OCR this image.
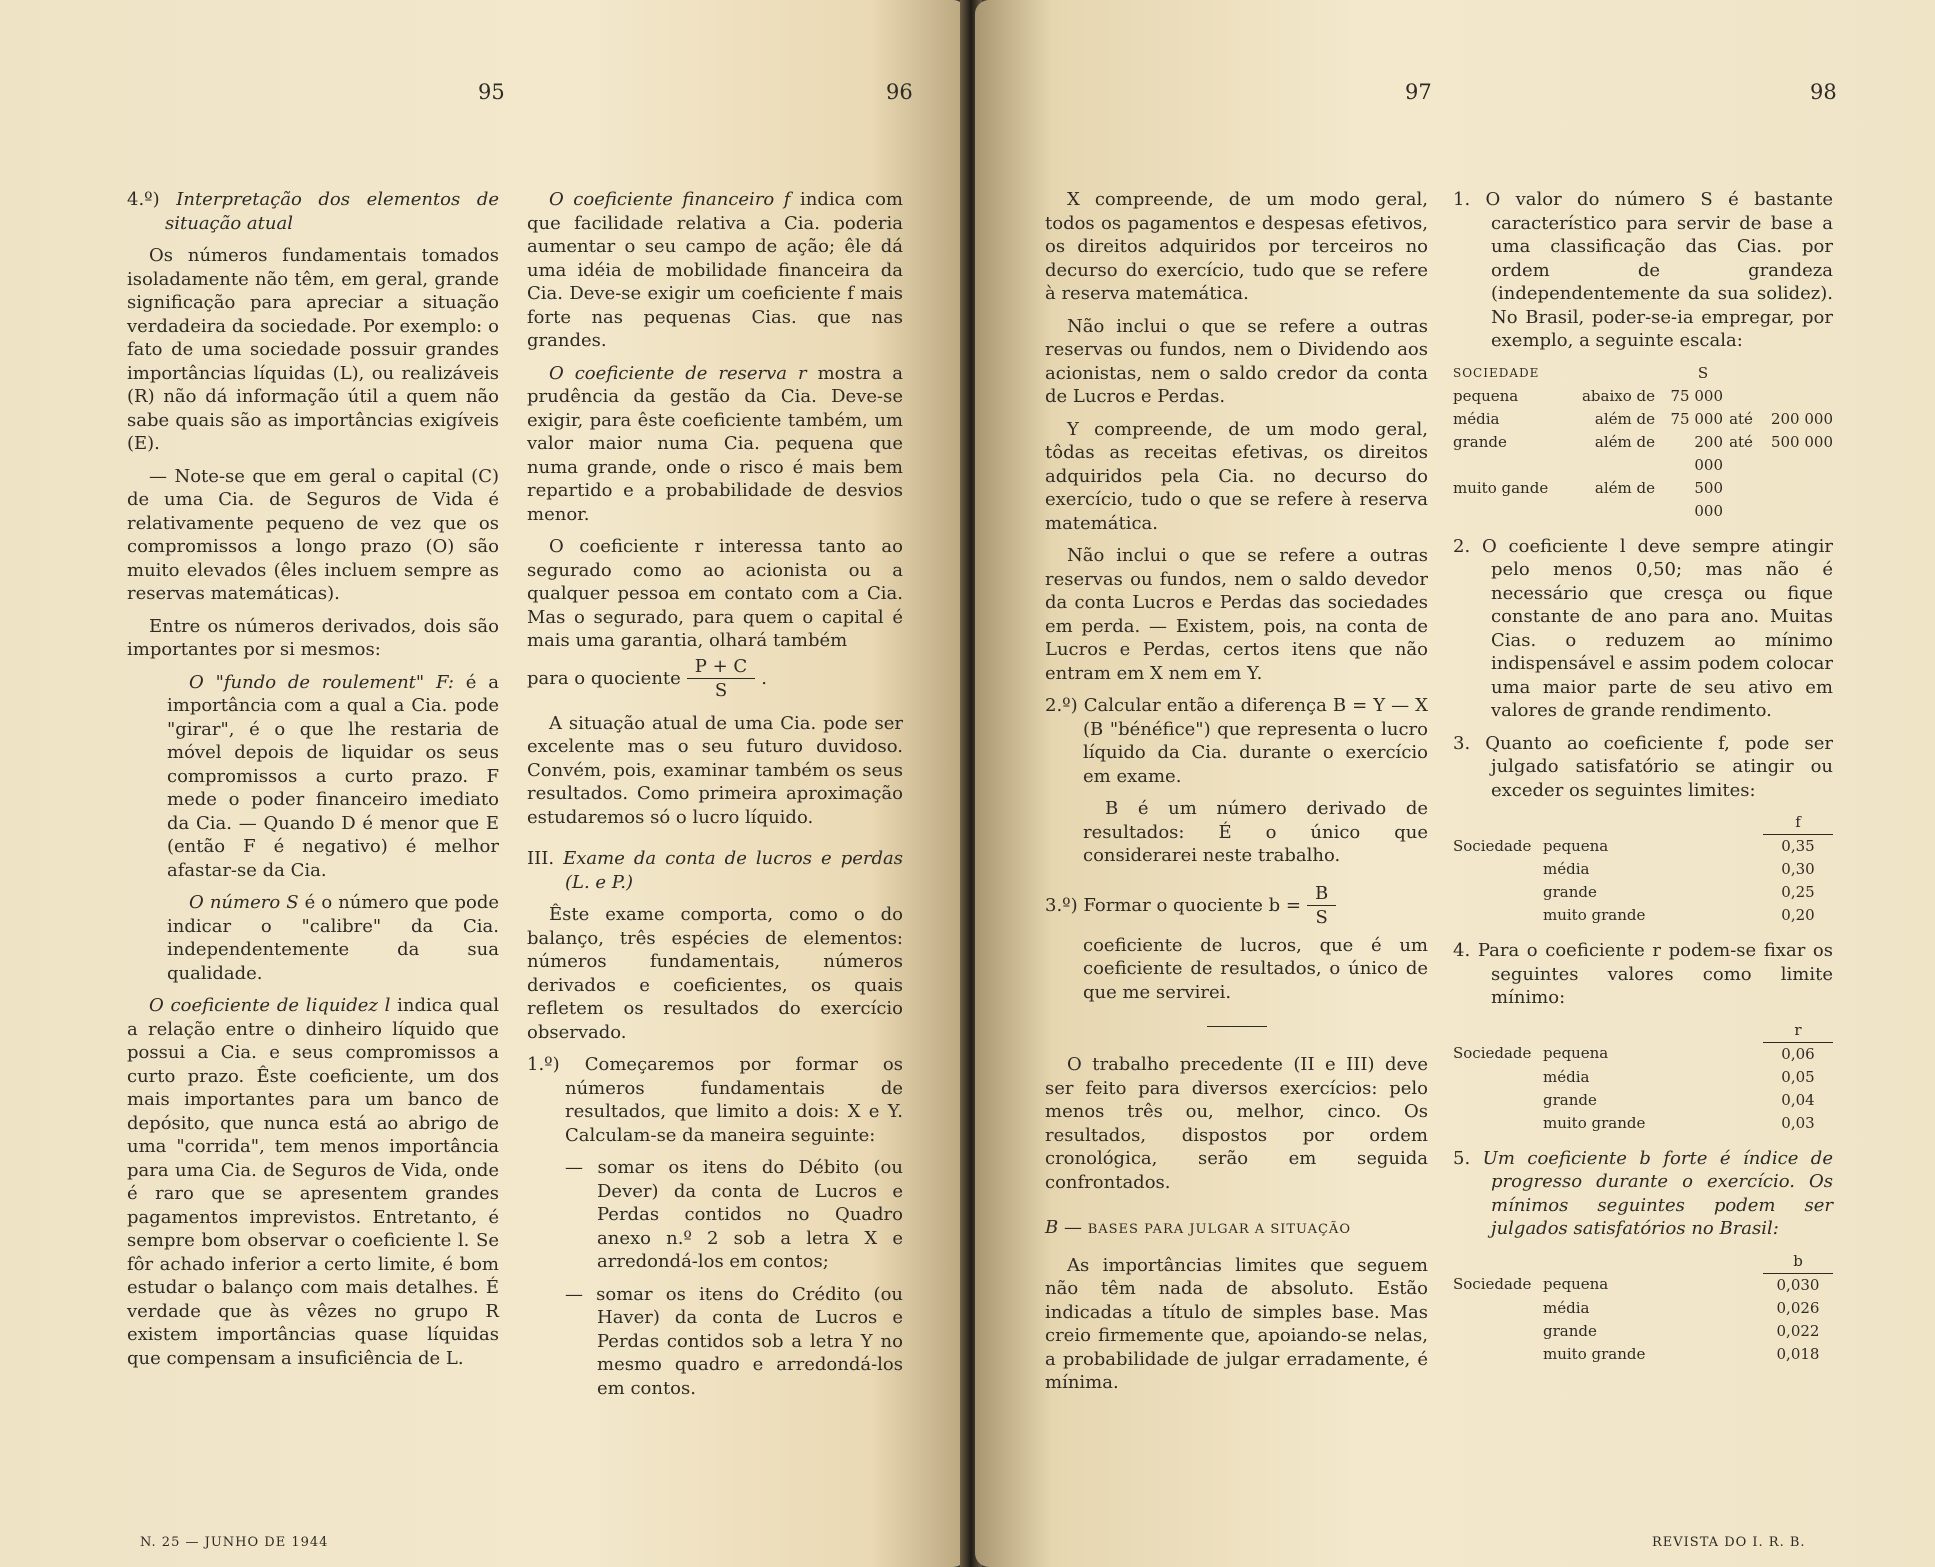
95	96

4.º) Interpretação dos elementos de situação atual

Os números fundamentais tomados isoladamente não têm, em geral, grande significação para apreciar a situação verdadeira da sociedade. Por exemplo: o fato de uma sociedade possuir grandes importâncias líquidas (L), ou realizáveis (R) não dá informação útil a quem não sabe quais são as importâncias exigíveis (E).

— Note-se que em geral o capital (C) de uma Cia. de Seguros de Vida é relativamente pequeno de vez que os compromissos a longo prazo (O) são muito elevados (êles incluem sempre as reservas matemáticas).

Entre os números derivados, dois são importantes por si mesmos:

O "fundo de roulement" F: é a importância com a qual a Cia. pode "girar", é o que lhe restaria de móvel depois de liquidar os seus compromissos a curto prazo. F mede o poder financeiro imediato da Cia. — Quando D é menor que E (então F é negativo) é melhor afastar-se da Cia.

O número S é o número que pode indicar o "calibre" da Cia. independentemente da sua qualidade.

O coeficiente de liquidez l indica qual a relação entre o dinheiro líquido que possui a Cia. e seus compromissos a curto prazo. Êste coeficiente, um dos mais importantes para um banco de depósito, que nunca está ao abrigo de uma "corrida", tem menos importância para uma Cia. de Seguros de Vida, onde é raro que se apresentem grandes pagamentos imprevistos. Entretanto, é sempre bom observar o coeficiente l. Se fôr achado inferior a certo limite, é bom estudar o balanço com mais detalhes. É verdade que às vêzes no grupo R existem importâncias quase líquidas que compensam a insuficiência de L.

O coeficiente financeiro f indica com que facilidade relativa a Cia. poderia aumentar o seu campo de ação; êle dá uma idéia de mobilidade financeira da Cia. Deve-se exigir um coeficiente f mais forte nas pequenas Cias. que nas grandes.

O coeficiente de reserva r mostra a prudência da gestão da Cia. Deve-se exigir, para êste coeficiente também, um valor maior numa Cia. pequena que numa grande, onde o risco é mais bem repartido e a probabilidade de desvios menor.

O coeficiente r interessa tanto ao segurado como ao acionista ou a qualquer pessoa em contato com a Cia. Mas o segurado, para quem o capital é mais uma garantia, olhará também

para o quociente $\frac{P + C}{S}$ .

A situação atual de uma Cia. pode ser excelente mas o seu futuro duvidoso. Convém, pois, examinar também os seus resultados. Como primeira aproximação estudaremos só o lucro líquido.

III. Exame da conta de lucros e perdas (L. e P.)

Êste exame comporta, como o do balanço, três espécies de elementos: números fundamentais, números derivados e coeficientes, os quais refletem os resultados do exercício observado.

1.º) Começaremos por formar os números fundamentais de resultados, que limito a dois: X e Y. Calculam-se da maneira seguinte:

— somar os itens do Débito (ou Dever) da conta de Lucros e Perdas contidos no Quadro anexo n.º 2 sob a letra X e arredondá-los em contos;

— somar os itens do Crédito (ou Haver) da conta de Lucros e Perdas contidos sob a letra Y no mesmo quadro e arredondá-los em contos.

N. 25 — JUNHO DE 1944
97	98

X compreende, de um modo geral, todos os pagamentos e despesas efetivos, os direitos adquiridos por terceiros no decurso do exercício, tudo que se refere à reserva matemática.

Não inclui o que se refere a outras reservas ou fundos, nem o Dividendo aos acionistas, nem o saldo credor da conta de Lucros e Perdas.

Y compreende, de um modo geral, tôdas as receitas efetivas, os direitos adquiridos pela Cia. no decurso do exercício, tudo o que se refere à reserva matemática.

Não inclui o que se refere a outras reservas ou fundos, nem o saldo devedor da conta Lucros e Perdas das sociedades em perda. — Existem, pois, na conta de Lucros e Perdas, certos itens que não entram em X nem em Y.

2.º) Calcular então a diferença B = Y — X (B "bénéfice") que representa o lucro líquido da Cia. durante o exercício em exame.

B é um número derivado de resultados: É o único que considerarei neste trabalho.

3.º) Formar o quociente $b = \frac{B}{S}$

coeficiente de lucros, que é um coeficiente de resultados, o único de que me servirei.

O trabalho precedente (II e III) deve ser feito para diversos exercícios: pelo menos três ou, melhor, cinco. Os resultados, dispostos por ordem cronológica, serão em seguida confrontados.

B — BASES PARA JULGAR A SITUAÇÃO

As importâncias limites que seguem não têm nada de absoluto. Estão indicadas a título de simples base. Mas creio firmemente que, apoiando-se nelas, a probabilidade de julgar erradamente, é mínima.

1. O valor do número S é bastante característico para servir de base a uma classificação das Cias. por ordem de grandeza (independentemente da sua solidez). No Brasil, poder-se-ia empregar, por exemplo, a seguinte escala:

SOCIEDADE	S			
pequena	abaixo de	75 000		
média	além de	75 000	até	200 000
grande	além de	200 000	até	500 000
muito gande	além de	500 000		

2. O coeficiente l deve sempre atingir pelo menos 0,50; mas não é necessário que cresça ou fique constante de ano para ano. Muitas Cias. o reduzem ao mínimo indispensável e assim podem colocar uma maior parte de seu ativo em valores de grande rendimento.

3. Quanto ao coeficiente f, pode ser julgado satisfatório se atingir ou exceder os seguintes limites:

		f
Sociedade	pequena	0,35
	média	0,30
	grande	0,25
	muito grande	0,20

4. Para o coeficiente r podem-se fixar os seguintes valores como limite mínimo:

		r
Sociedade	pequena	0,06
	média	0,05
	grande	0,04
	muito grande	0,03

5. Um coeficiente b forte é índice de progresso durante o exercício. Os mínimos seguintes podem ser julgados satisfatórios no Brasil:

		b
Sociedade	pequena	0,030
	média	0,026
	grande	0,022
	muito grande	0,018
REVISTA DO I. R. B.
